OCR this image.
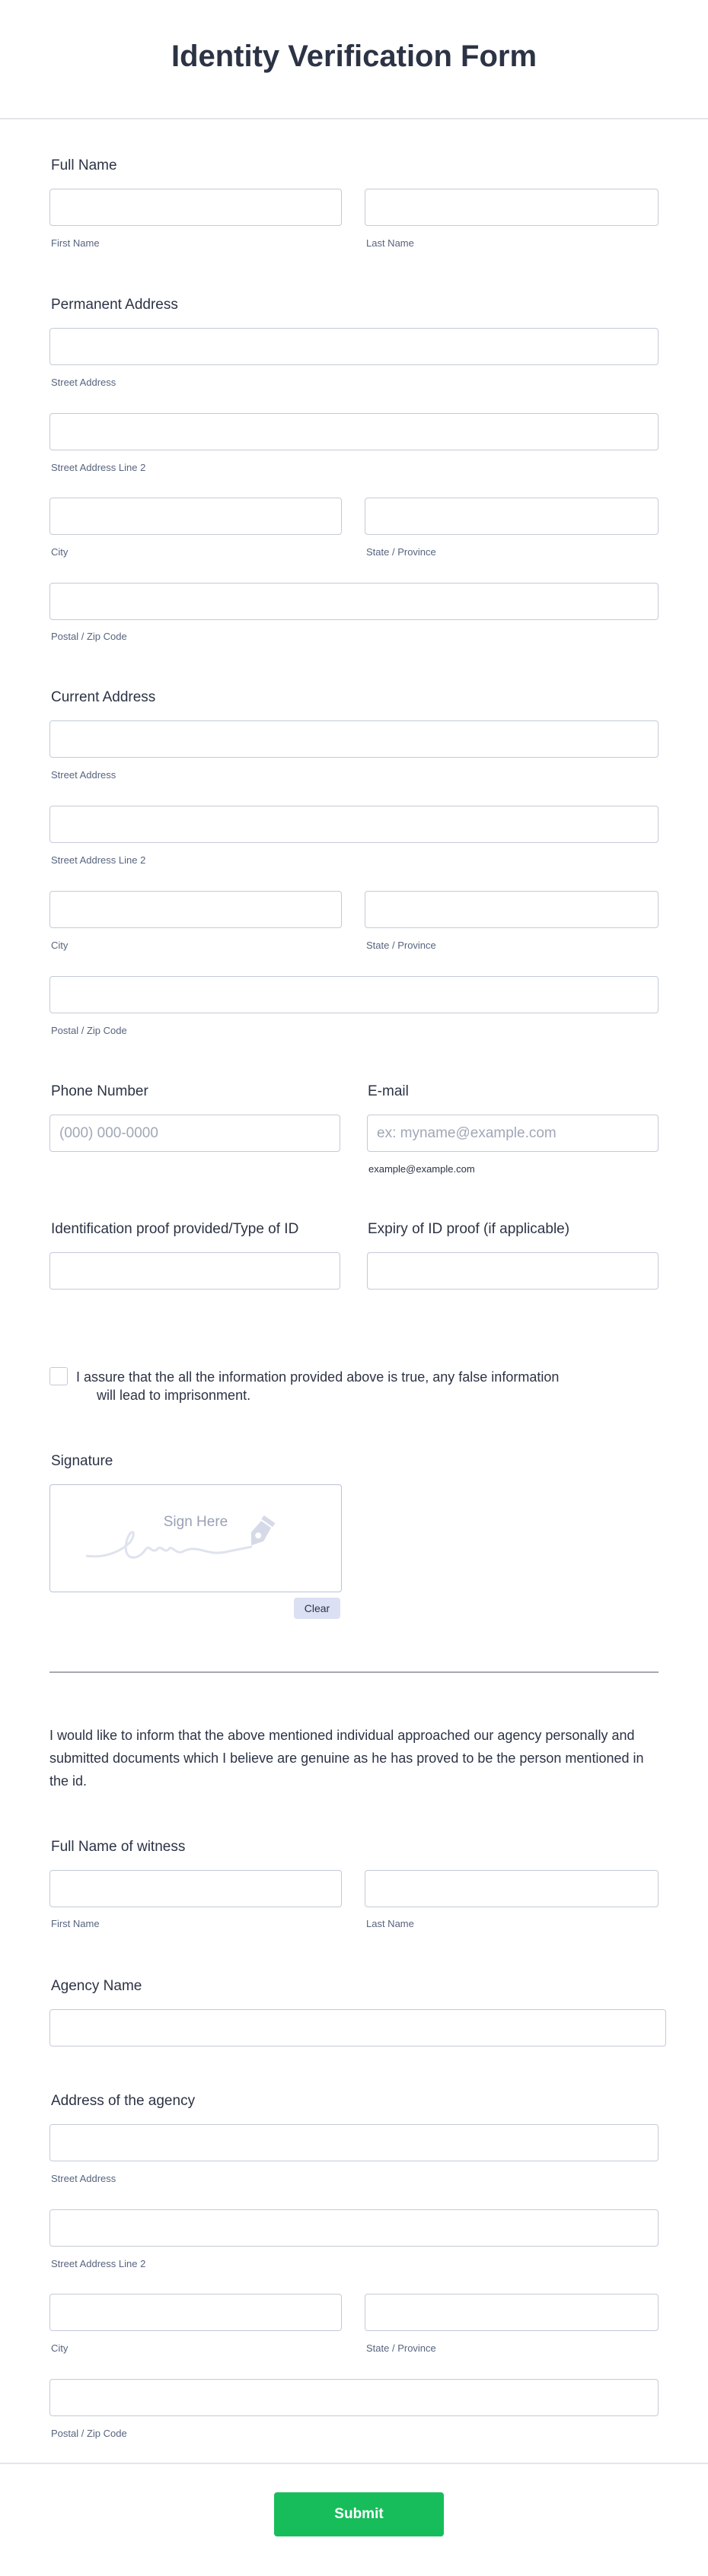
Identity Verification Form
Full Name
First Name	Last Name
Permanent Address
Street Address
Street Address Line 2
City	State / Province
Postal / Zip Code
Current Address
Street Address
Street Address Line 2
City	State / Province
Postal / Zip Code
Phone Number	E-mail
(000) 000-0000
ex: myname@example.com
example@example.com
Identification proof provided/Type of ID	Expiry of ID proof (if applicable)
I assure that the all the information provided above is true, any false information
will lead to imprisonment.
Signature
Sign Here
Clear
I would like to inform that the above mentioned individual approached our agency personally and submitted documents which I believe are genuine as he has proved to be the person mentioned in the id.
Full Name of witness
First Name	Last Name
Agency Name
Address of the agency
Street Address
Street Address Line 2
City	State / Province
Postal / Zip Code
Submit
